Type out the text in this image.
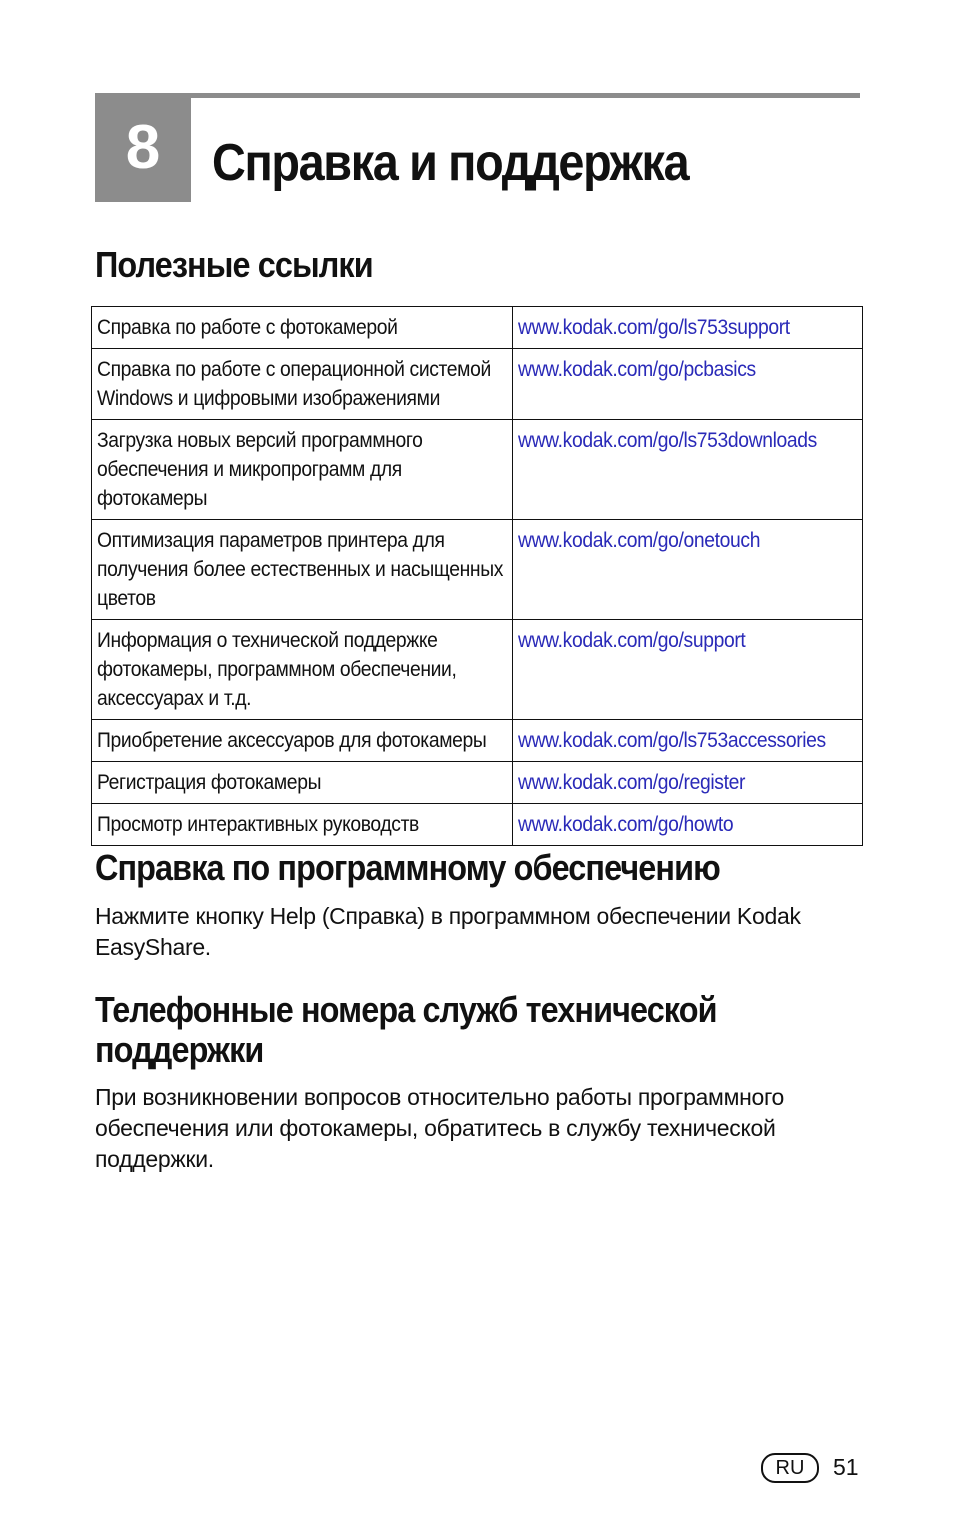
8 Справка и поддержка
Полезные ссылки
Справка по работе с фотокамерой	www.kodak.com/go/ls753support
Справка по работе с операционной системой Windows и цифровыми изображениями	www.kodak.com/go/pcbasics
Загрузка новых версий программного обеспечения и микропрограмм для фотокамеры	www.kodak.com/go/ls753downloads
Оптимизация параметров принтера для получения более естественных и насыщенных цветов	www.kodak.com/go/onetouch
Информация о технической поддержке фотокамеры, программном обеспечении, аксессуарах и т.д.	www.kodak.com/go/support
Приобретение аксессуаров для фотокамеры	www.kodak.com/go/ls753accessories
Регистрация фотокамеры	www.kodak.com/go/register
Просмотр интерактивных руководств	www.kodak.com/go/howto
Справка по программному обеспечению

Нажмите кнопку Help (Справка) в программном обеспечении Kodak EasyShare.

Телефонные номера служб технической поддержки

При возникновении вопросов относительно работы программного обеспечения или фотокамеры, обратитесь в службу технической поддержки.

RU	51
